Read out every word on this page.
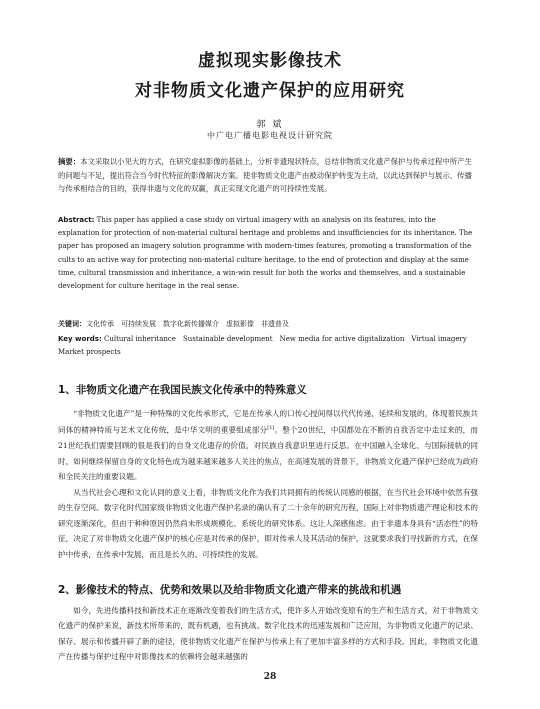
虚拟现实影像技术
对非物质文化遗产保护的应用研究
郭 斌
中广电广播电影电视设计研究院
摘要：本文采取以小见大的方式，在研究虚拟影像的基础上，分析非遗现状特点，总结非物质文化遗产保护与传承过程中所产生的问题与不足，提出符合当今时代特征的影像解决方案。使非物质文化遗产由被动保护转变为主动，以此达到保护与展示、传播与传承相结合的目的，获得非遗与文化的双赢，真正实现文化遗产的可持续性发展。
Abstract: This paper has applied a case study on virtual imagery with an analysis on its features, into the explanation for protection of non-material cultural heritage and problems and insufficiencies for its inheritance. The paper has proposed an imagery solution programme with modern-times features, promoting a transformation of the cults to an active way for protecting non-material culture heritage, to the end of protection and display at the same time, cultural transmission and inheritance, a win-win result for both the works and themselves, and a sustainable development for culture heritage in the real sense.
关键词：文化传承　可持续发展　数字化新传播媒介　虚拟影像　非遗普及
Key words: Cultural inheritance　Sustainable development　New media for active digitalization　Virtual imagery　Market prospects
1、非物质文化遗产在我国民族文化传承中的特殊意义
“非物质文化遗产”是一种特殊的文化传承形式，它是在传承人的口传心授间得以代代传递、延续和发展的，体现着民族共同体的精神特质与艺术文化传统，是中华文明的重要组成部分[1]。整个20世纪，中国都处在不断的自我否定中走过来的，而21世纪我们需要回顾的很是我们的自身文化遗存的价值，对民族自我意识里进行反思。在中国融入全球化、与国际接轨的同时，如何继续保留自身的文化特色成为越来越来越多人关注的焦点，在高速发展的背景下，非物质文化遗产保护已经成为政府和全民关注的重要议题。
从当代社会心理和文化认同的意义上看，非物质文化作为我们共同拥有的传统认同感的根据，在当代社会环境中依然有强的生存空间。数字化时代国家级非物质文化遗产保护名录的确认有了二十余年的研究历程，国际上对非物质遗产理论和技术的研究逐渐深化，但由于种种原因仍然尚未形成规模化、系统化的研究体系。这让人深感焦虑。由于非遗本身具有“活态性”的特征，决定了对非物质文化遗产保护的核心应是对传承的保护，即对传承人及其活动的保护，这就要求我们寻找新的方式，在保护中传承，在传承中发展，而且是长久的、可持续性的发展。
2、影像技术的特点、优势和效果以及给非物质文化遗产带来的挑战和机遇
如今，先进传播科技和新技术正在逐渐改变着我们的生活方式，使许多人开始改变原有的生产和生活方式，对于非物质文化遗产的保护来说，新技术所带来的，既有机遇，也有挑战。数字化技术的迅速发展和广泛应用，为非物质文化遗产的记录、保存、展示和传播开辟了新的途径，使非物质文化遗产在保护与传承上有了更加丰富多样的方式和手段。因此，非物质文化遗产在传播与保护过程中对影像技术的依赖将会越来越强的
28
